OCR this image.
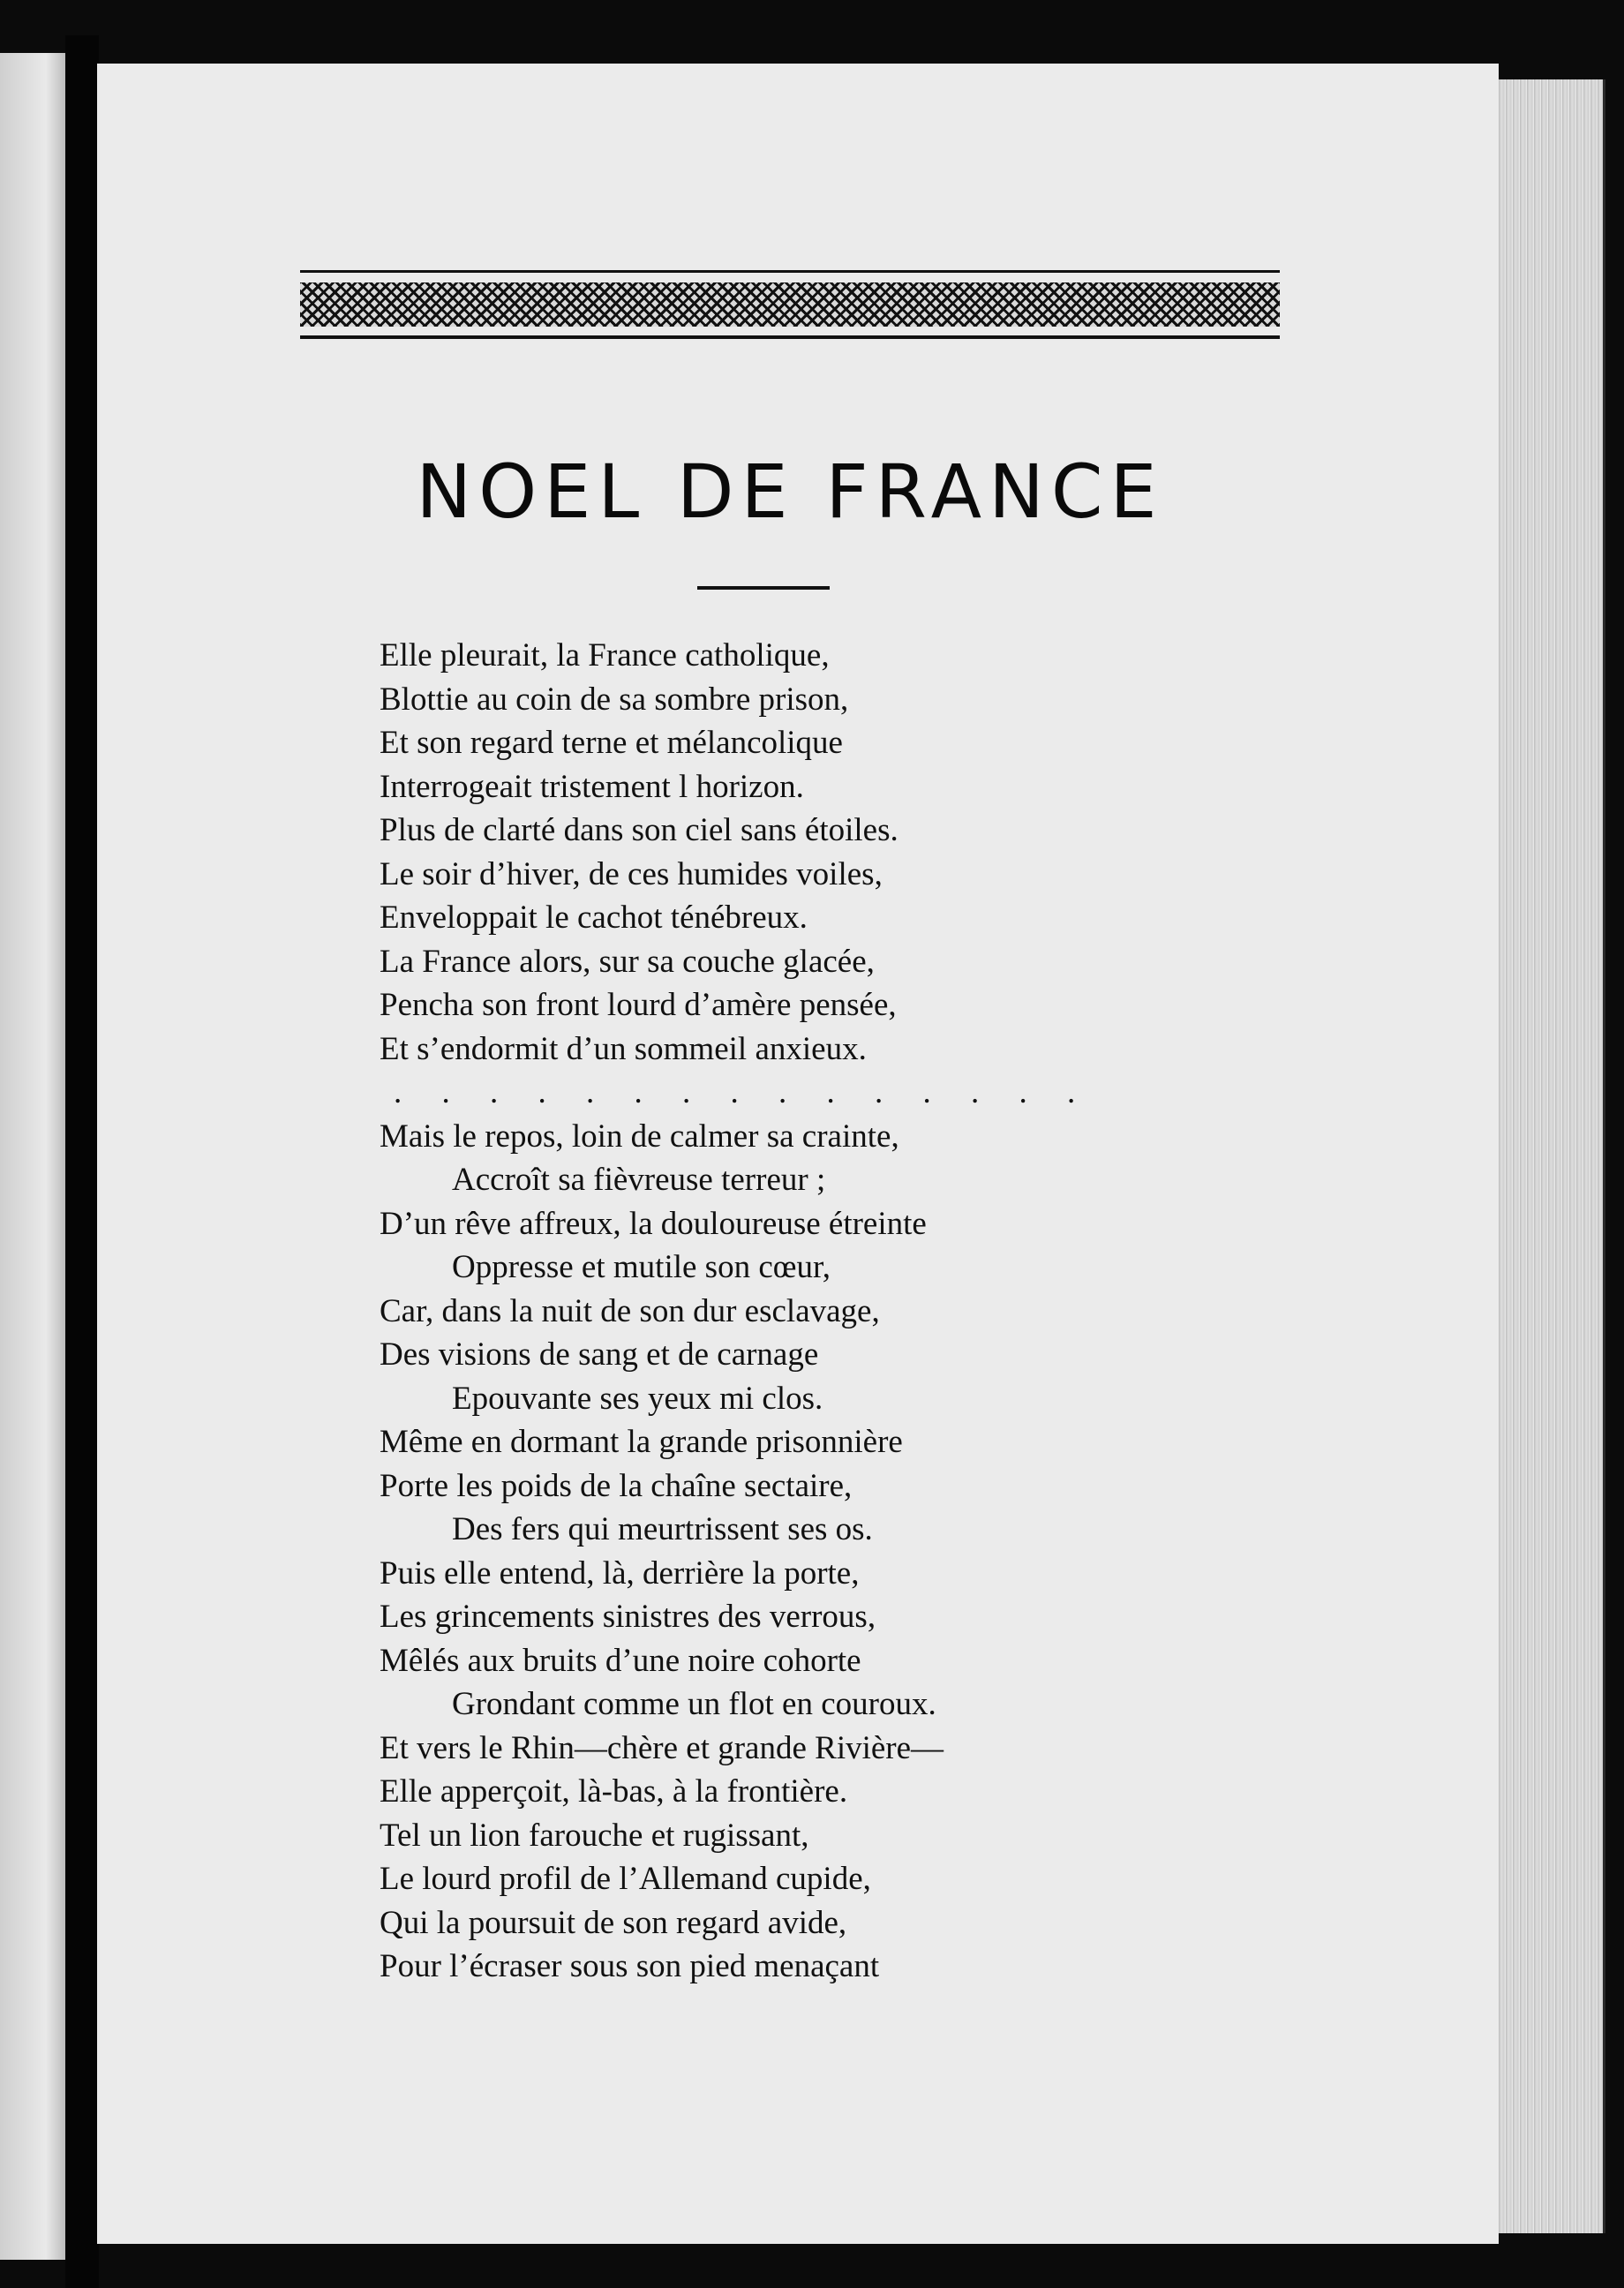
NOEL DE FRANCE
Elle pleurait, la France catholique,
Blottie au coin de sa sombre prison,
Et son regard terne et mélancolique
Interrogeait tristement l horizon.
Plus de clarté dans son ciel sans étoiles.
Le soir d’hiver, de ces humides voiles,
Enveloppait le cachot ténébreux.
La France alors, sur sa couche glacée,
Pencha son front lourd d’amère pensée,
Et s’endormit d’un sommeil anxieux.
. . . . . . . . . . . . . . .
Mais le repos, loin de calmer sa crainte,
Accroît sa fièvreuse terreur ;
D’un rêve affreux, la douloureuse étreinte
Oppresse et mutile son cœur,
Car, dans la nuit de son dur esclavage,
Des visions de sang et de carnage
Epouvante ses yeux mi clos.
Même en dormant la grande prisonnière
Porte les poids de la chaîne sectaire,
Des fers qui meurtrissent ses os.
Puis elle entend, là, derrière la porte,
Les grincements sinistres des verrous,
Mêlés aux bruits d’une noire cohorte
Grondant comme un flot en couroux.
Et vers le Rhin—chère et grande Rivière—
Elle apperçoit, là-bas, à la frontière.
Tel un lion farouche et rugissant,
Le lourd profil de l’Allemand cupide,
Qui la poursuit de son regard avide,
Pour l’écraser sous son pied menaçant
